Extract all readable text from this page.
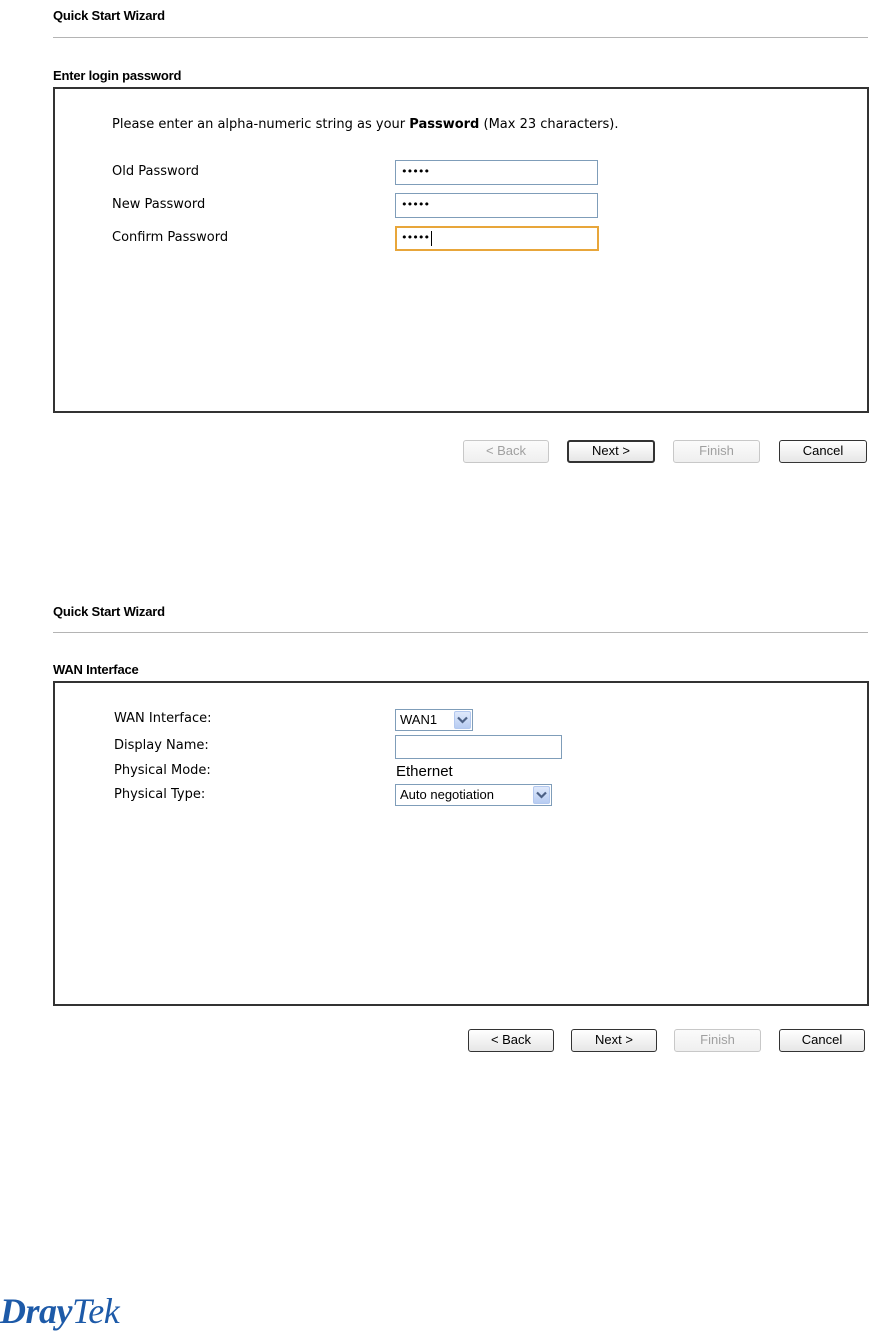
Quick Start Wizard
Enter login password
Please enter an alpha-numeric string as your Password (Max 23 characters).
Old Password	•••••
New Password	•••••
Confirm Password	•••••
< Back	Next >	Finish	Cancel
Quick Start Wizard
WAN Interface
WAN Interface:	WAN1
Display Name:
Physical Mode:	Ethernet
Physical Type:	Auto negotiation
< Back	Next >	Finish	Cancel
DrayTek
